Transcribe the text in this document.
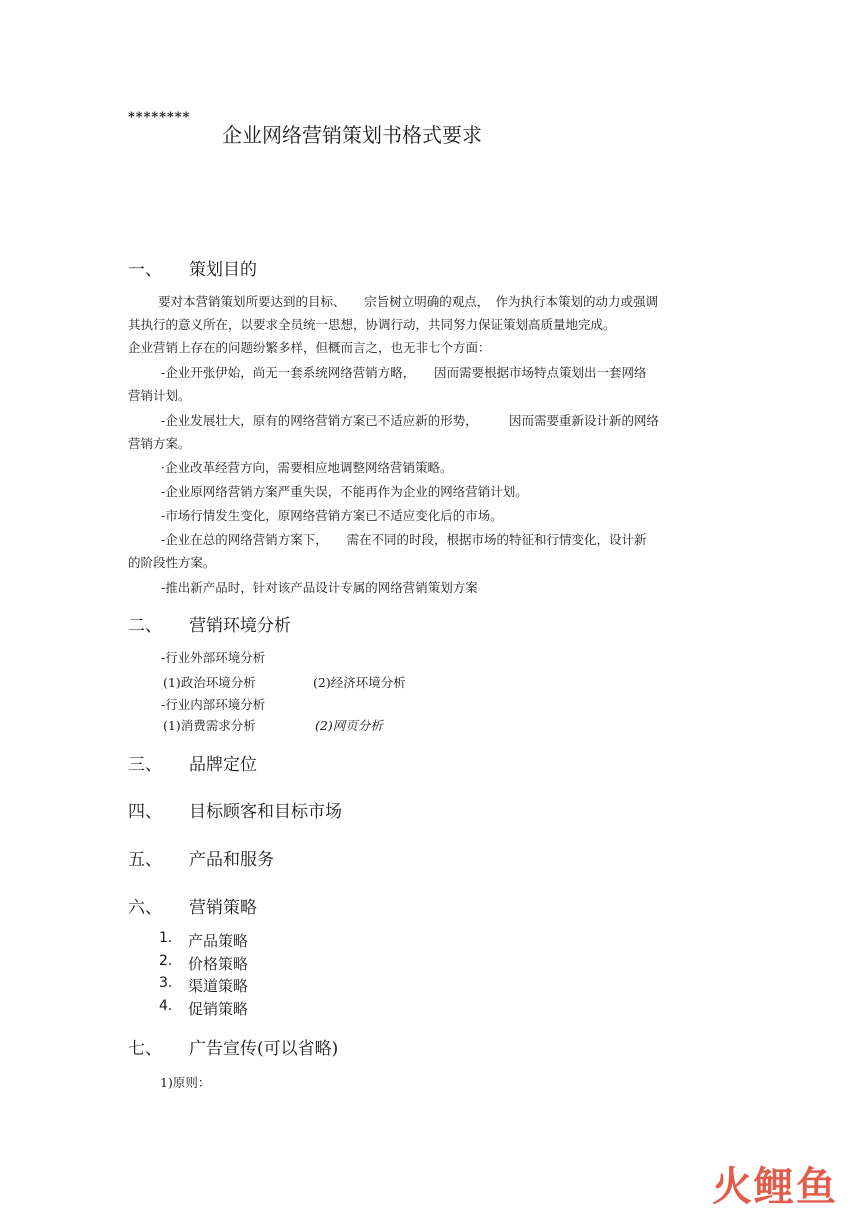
********
企业网络营销策划书格式要求
一、 策划目的
要对本营销策划所要达到的目标、　　宗旨树立明确的观点，　作为执行本策划的动力或强调
其执行的意义所在，以要求全员统一思想，协调行动，共同努力保证策划高质量地完成。
企业营销上存在的问题纷繁多样，但概而言之，也无非七个方面：
-企业开张伊始，尚无一套系统网络营销方略，　　因而需要根据市场特点策划出一套网络
营销计划。
-企业发展壮大，原有的网络营销方案已不适应新的形势，　　　因而需要重新设计新的网络
营销方案。
·企业改革经营方向，需要相应地调整网络营销策略。
-企业原网络营销方案严重失误，不能再作为企业的网络营销计划。
-市场行情发生变化，原网络营销方案已不适应变化后的市场。
-企业在总的网络营销方案下，　　需在不同的时段，根据市场的特征和行情变化，设计新
的阶段性方案。
-推出新产品时，针对该产品设计专属的网络营销策划方案
二、 营销环境分析
-行业外部环境分析
(1)政治环境分析	(2)经济环境分析
-行业内部环境分析
(1)消费需求分析	(2)网页分析
三、 品牌定位
四、 目标顾客和目标市场
五、 产品和服务
六、 营销策略
1. 产品策略
2. 价格策略
3. 渠道策略
4. 促销策略
七、 广告宣传(可以省略)
1)原则：
火鲤鱼
